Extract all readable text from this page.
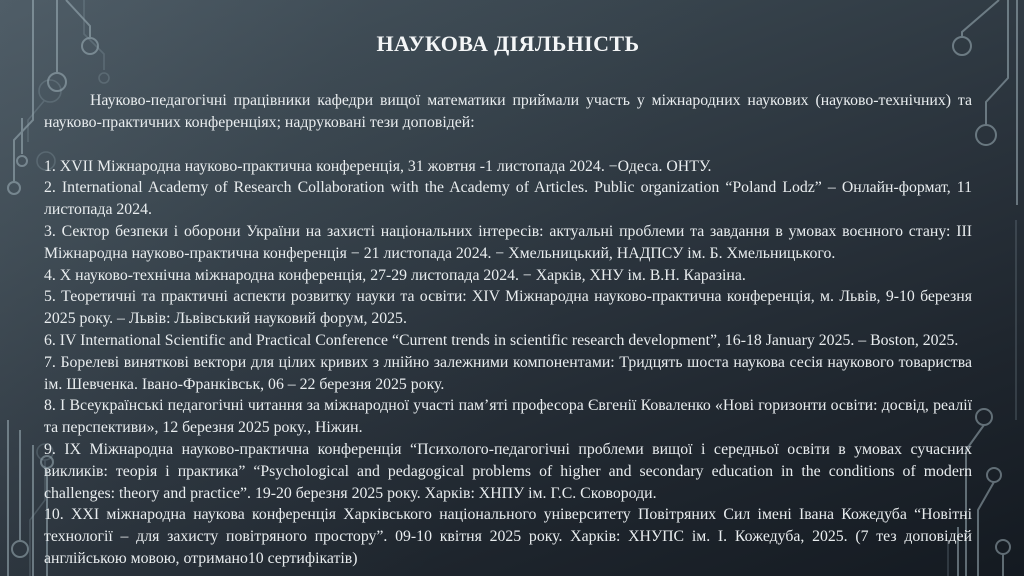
НАУКОВА ДІЯЛЬНІСТЬ

Науково-педагогічні працівники кафедри вищої математики приймали участь у міжнародних наукових (науково-технічних) та науково-практичних конференціях; надруковані тези доповідей:

1. XVII Міжнародна науково-практична конференція, 31 жовтня -1 листопада 2024. −Одеса. ОНТУ.

2. International Academy of Research Collaboration with the Academy of Articles. Public organization “Poland Lodz” – Онлайн-формат, 11 листопада 2024.

3. Сектор безпеки і оборони України на захисті національних інтересів: актуальні проблеми та завдання в умовах воєнного стану: ІІІ Міжнародна науково-практична конференція − 21 листопада 2024. − Хмельницький, НАДПСУ ім. Б. Хмельницького.

4. Х науково-технічна міжнародна конференція, 27-29 листопада 2024. − Харків, ХНУ ім. В.Н. Каразіна.

5. Теоретичні та практичні аспекти розвитку науки та освіти: XIV Міжнародна науково-практична конференція, м. Львів, 9-10 березня 2025 року. – Львів: Львівський науковий форум, 2025.

6. IV International Scientific and Practical Conference “Current trends in scientific research development”, 16-18 January 2025. – Boston, 2025.

7. Борелеві виняткові вектори для цілих кривих з лнійно залежними компонентами: Тридцять шоста наукова сесія наукового товариства ім. Шевченка. Івано-Франківськ, 06 – 22 березня 2025 року.

8. І Всеукраїнські педагогічні читання за міжнародної участі пам’яті професора Євгенії Коваленко «Нові горизонти освіти: досвід, реалії та перспективи», 12 березня 2025 року., Ніжин.

9. ІХ Міжнародна науково-практична конференція “Психолого-педагогічні проблеми вищої і середньої освіти в умовах сучасних викликів: теорія і практика” “Psychological and pedagogical problems of higher and secondary education in the conditions of modern challenges: theory and practice”. 19-20 березня 2025 року. Харків: ХНПУ ім. Г.С. Сковороди.

10. ХХІ міжнародна наукова конференція Харківського національного університету Повітряних Сил імені Івана Кожедуба “Новітні технології – для захисту повітряного простору”. 09-10 квітня 2025 року. Харків: ХНУПС ім. І. Кожедуба, 2025. (7 тез доповідей англійською мовою, отримано10 сертифікатів)
